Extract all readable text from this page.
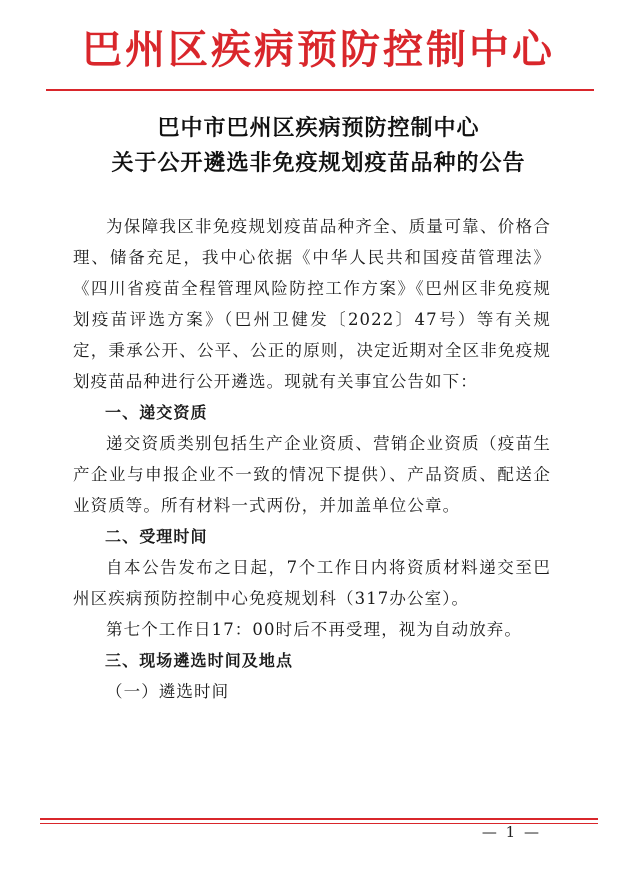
巴州区疾病预防控制中心
巴中市巴州区疾病预防控制中心
关于公开遴选非免疫规划疫苗品种的公告

为保障我区非免疫规划疫苗品种齐全、质量可靠、价格合理、储备充足，我中心依据《中华人民共和国疫苗管理法》《四川省疫苗全程管理风险防控工作方案》《巴州区非免疫规划疫苗评选方案》（巴州卫健发〔2022〕47号）等有关规定，秉承公开、公平、公正的原则，决定近期对全区非免疫规划疫苗品种进行公开遴选。现就有关事宜公告如下：

一、递交资质

递交资质类别包括生产企业资质、营销企业资质（疫苗生产企业与申报企业不一致的情况下提供）、产品资质、配送企业资质等。所有材料一式两份，并加盖单位公章。

二、受理时间

自本公告发布之日起，7个工作日内将资质材料递交至巴州区疾病预防控制中心免疫规划科（317办公室）。

第七个工作日17：00时后不再受理，视为自动放弃。

三、现场遴选时间及地点

（一）遴选时间

— 1 —
